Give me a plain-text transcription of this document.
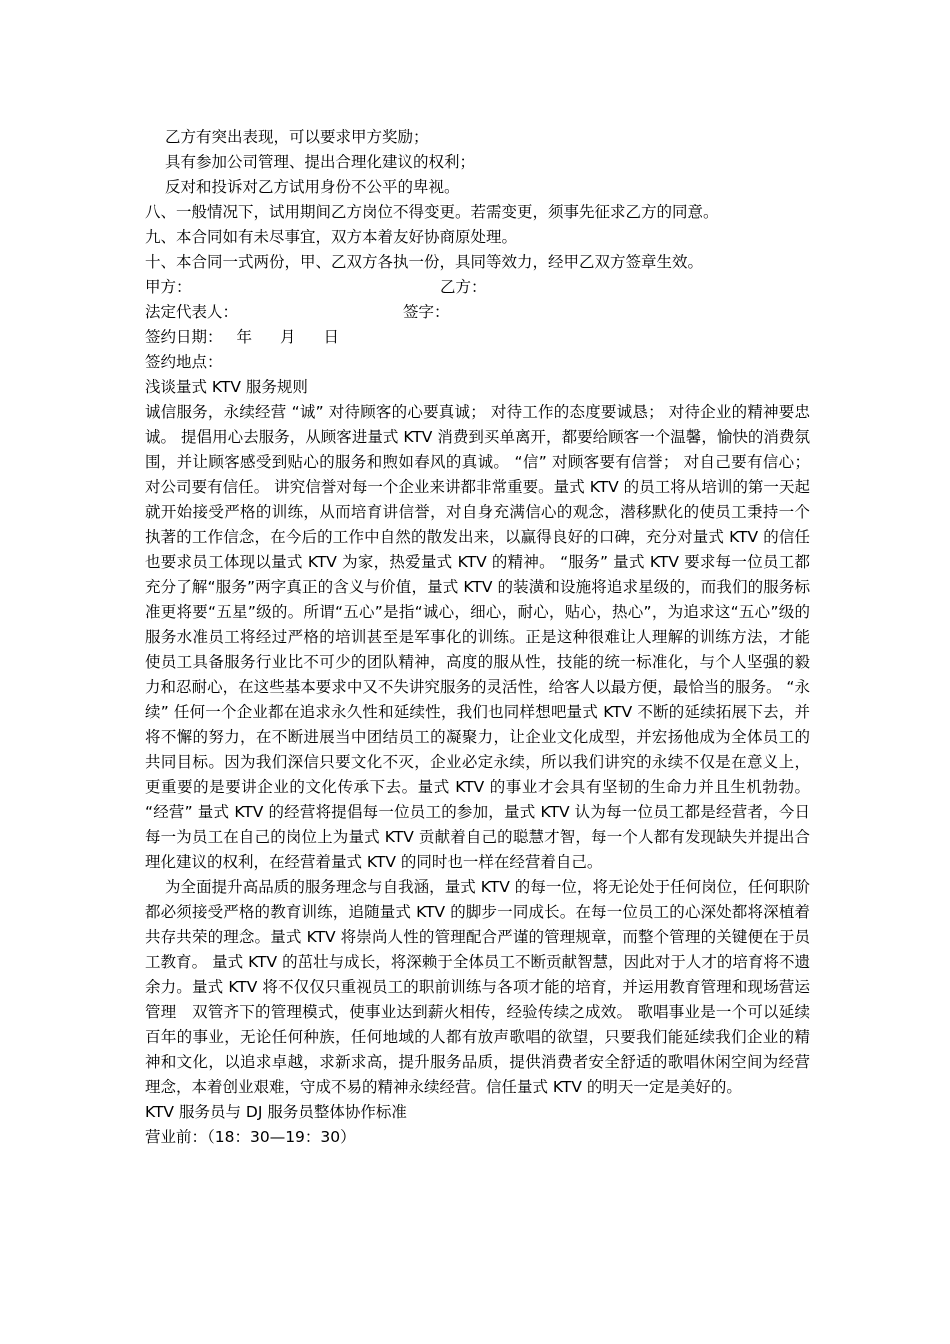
乙方有突出表现，可以要求甲方奖励；
具有参加公司管理、提出合理化建议的权利；
反对和投诉对乙方试用身份不公平的卑视。
八、一般情况下，试用期间乙方岗位不得变更。若需变更，须事先征求乙方的同意。
九、本合同如有未尽事宜，双方本着友好协商原处理。
十、本合同一式两份，甲、乙双方各执一份，具同等效力，经甲乙双方签章生效。
甲方：	乙方：
法定代表人：	签字：
签约日期： 年 月 日
签约地点：
浅谈量式 KTV 服务规则

诚信服务，永续经营 “诚” 对待顾客的心要真诚； 对待工作的态度要诚恳； 对待企业的精神要忠诚。 提倡用心去服务，从顾客进量式 KTV 消费到买单离开，都要给顾客一个温馨，愉快的消费氛围，并让顾客感受到贴心的服务和煦如春风的真诚。 “信” 对顾客要有信誉； 对自己要有信心； 对公司要有信任。 讲究信誉对每一个企业来讲都非常重要。量式 KTV 的员工将从培训的第一天起就开始接受严格的训练，从而培育讲信誉，对自身充满信心的观念，潜移默化的使员工秉持一个执著的工作信念，在今后的工作中自然的散发出来，以赢得良好的口碑，充分对量式 KTV 的信任也要求员工体现以量式 KTV 为家，热爱量式 KTV 的精神。 “服务” 量式 KTV 要求每一位员工都充分了解“服务”两字真正的含义与价值，量式 KTV 的装潢和设施将追求星级的，而我们的服务标准更将要“五星”级的。所谓“五心”是指“诚心，细心，耐心，贴心，热心”，为追求这“五心”级的服务水准员工将经过严格的培训甚至是军事化的训练。正是这种很难让人理解的训练方法，才能使员工具备服务行业比不可少的团队精神，高度的服从性，技能的统一标准化，与个人坚强的毅力和忍耐心，在这些基本要求中又不失讲究服务的灵活性，给客人以最方便，最恰当的服务。 “永续” 任何一个企业都在追求永久性和延续性，我们也同样想吧量式 KTV 不断的延续拓展下去，并将不懈的努力，在不断进展当中团结员工的凝聚力，让企业文化成型，并宏扬他成为全体员工的共同目标。因为我们深信只要文化不灭，企业必定永续，所以我们讲究的永续不仅是在意义上，更重要的是要讲企业的文化传承下去。量式 KTV 的事业才会具有坚韧的生命力并且生机勃勃。 “经营” 量式 KTV 的经营将提倡每一位员工的参加，量式 KTV 认为每一位员工都是经营者，今日每一为员工在自己的岗位上为量式 KTV 贡献着自己的聪慧才智，每一个人都有发现缺失并提出合理化建议的权利，在经营着量式 KTV 的同时也一样在经营着自己。

为全面提升高品质的服务理念与自我涵，量式 KTV 的每一位，将无论处于任何岗位，任何职阶都必须接受严格的教育训练，追随量式 KTV 的脚步一同成长。在每一位员工的心深处都将深植着共存共荣的理念。量式 KTV 将崇尚人性的管理配合严谨的管理规章，而整个管理的关键便在于员工教育。 量式 KTV 的茁壮与成长，将深赖于全体员工不断贡献智慧，因此对于人才的培育将不遗余力。量式 KTV 将不仅仅只重视员工的职前训练与各项才能的培育，并运用教育管理和现场营运管理　双管齐下的管理模式，使事业达到薪火相传，经验传续之成效。 歌唱事业是一个可以延续百年的事业，无论任何种族，任何地域的人都有放声歌唱的欲望，只要我们能延续我们企业的精神和文化，以追求卓越，求新求高，提升服务品质，提供消费者安全舒适的歌唱休闲空间为经营理念，本着创业艰难，守成不易的精神永续经营。信任量式 KTV 的明天一定是美好的。

KTV 服务员与 DJ 服务员整体协作标准
营业前：（18：30—19：30）
